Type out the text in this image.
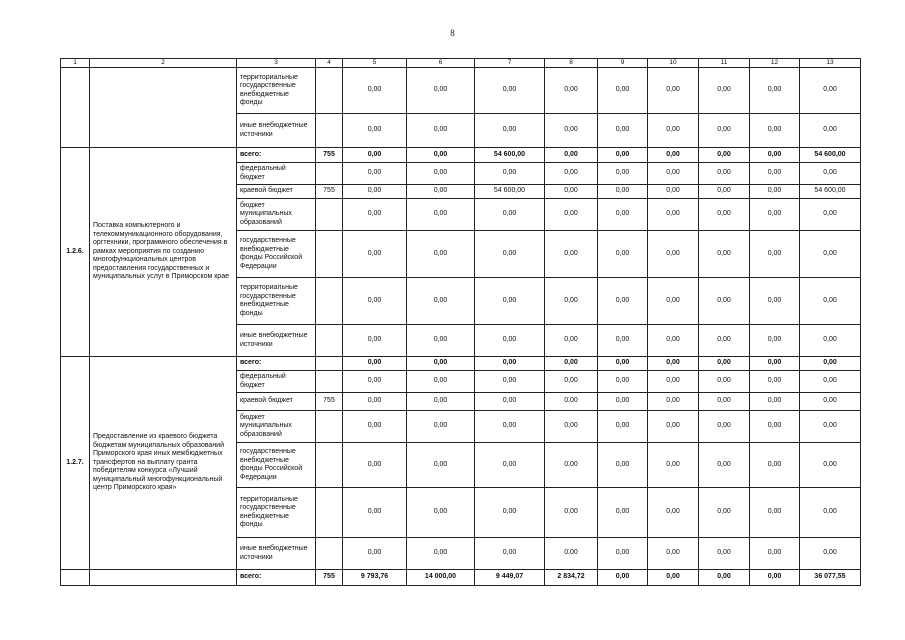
8
1	2	3	4	5	6	7	8	9	10	11	12	13
		территориальные государственные внебюджетные фонды		0,00	0,00	0,00	0,00	0,00	0,00	0,00	0,00	0,00
		иные внебюджетные источники		0,00	0,00	0,00	0,00	0,00	0,00	0,00	0,00	0,00
1.2.6.	Поставка компьютерного и телекоммуникационного оборудования, оргтехники, программного обеспечения в рамках мероприятия по созданию многофункциональных центров предоставления государственных и муниципальных услуг в Приморском крае	всего:	755	0,00	0,00	54 600,00	0,00	0,00	0,00	0,00	0,00	54 600,00
		федеральный бюджет		0,00	0,00	0,00	0,00	0,00	0,00	0,00	0,00	0,00
		краевой бюджет	755	0,00	0,00	54 600,00	0,00	0,00	0,00	0,00	0,00	54 600,00
		бюджет муниципальных образований		0,00	0,00	0,00	0,00	0,00	0,00	0,00	0,00	0,00
		государственные внебюджетные фонды Российской Федерации		0,00	0,00	0,00	0,00	0,00	0,00	0,00	0,00	0,00
		территориальные государственные внебюджетные фонды		0,00	0,00	0,00	0,00	0,00	0,00	0,00	0,00	0,00
		иные внебюджетные источники		0,00	0,00	0,00	0,00	0,00	0,00	0,00	0,00	0,00
1.2.7.	Предоставление из краевого бюджета бюджетам муниципальных образований Приморского края иных межбюджетных трансфертов на выплату гранта победителям конкурса «Лучший муниципальный многофункциональный центр Приморского края»	всего:		0,00	0,00	0,00	0,00	0,00	0,00	0,00	0,00	0,00
		федеральный бюджет		0,00	0,00	0,00	0,00	0,00	0,00	0,00	0,00	0,00
		краевой бюджет	755	0,00	0,00	0,00	0,00	0,00	0,00	0,00	0,00	0,00
		бюджет муниципальных образований		0,00	0,00	0,00	0,00	0,00	0,00	0,00	0,00	0,00
		государственные внебюджетные фонды Российской Федерации		0,00	0,00	0,00	0,00	0,00	0,00	0,00	0,00	0,00
		территориальные государственные внебюджетные фонды		0,00	0,00	0,00	0,00	0,00	0,00	0,00	0,00	0,00
		иные внебюджетные источники		0,00	0,00	0,00	0,00	0,00	0,00	0,00	0,00	0,00
		всего:	755	9 793,76	14 000,00	9 449,07	2 834,72	0,00	0,00	0,00	0,00	36 077,55
